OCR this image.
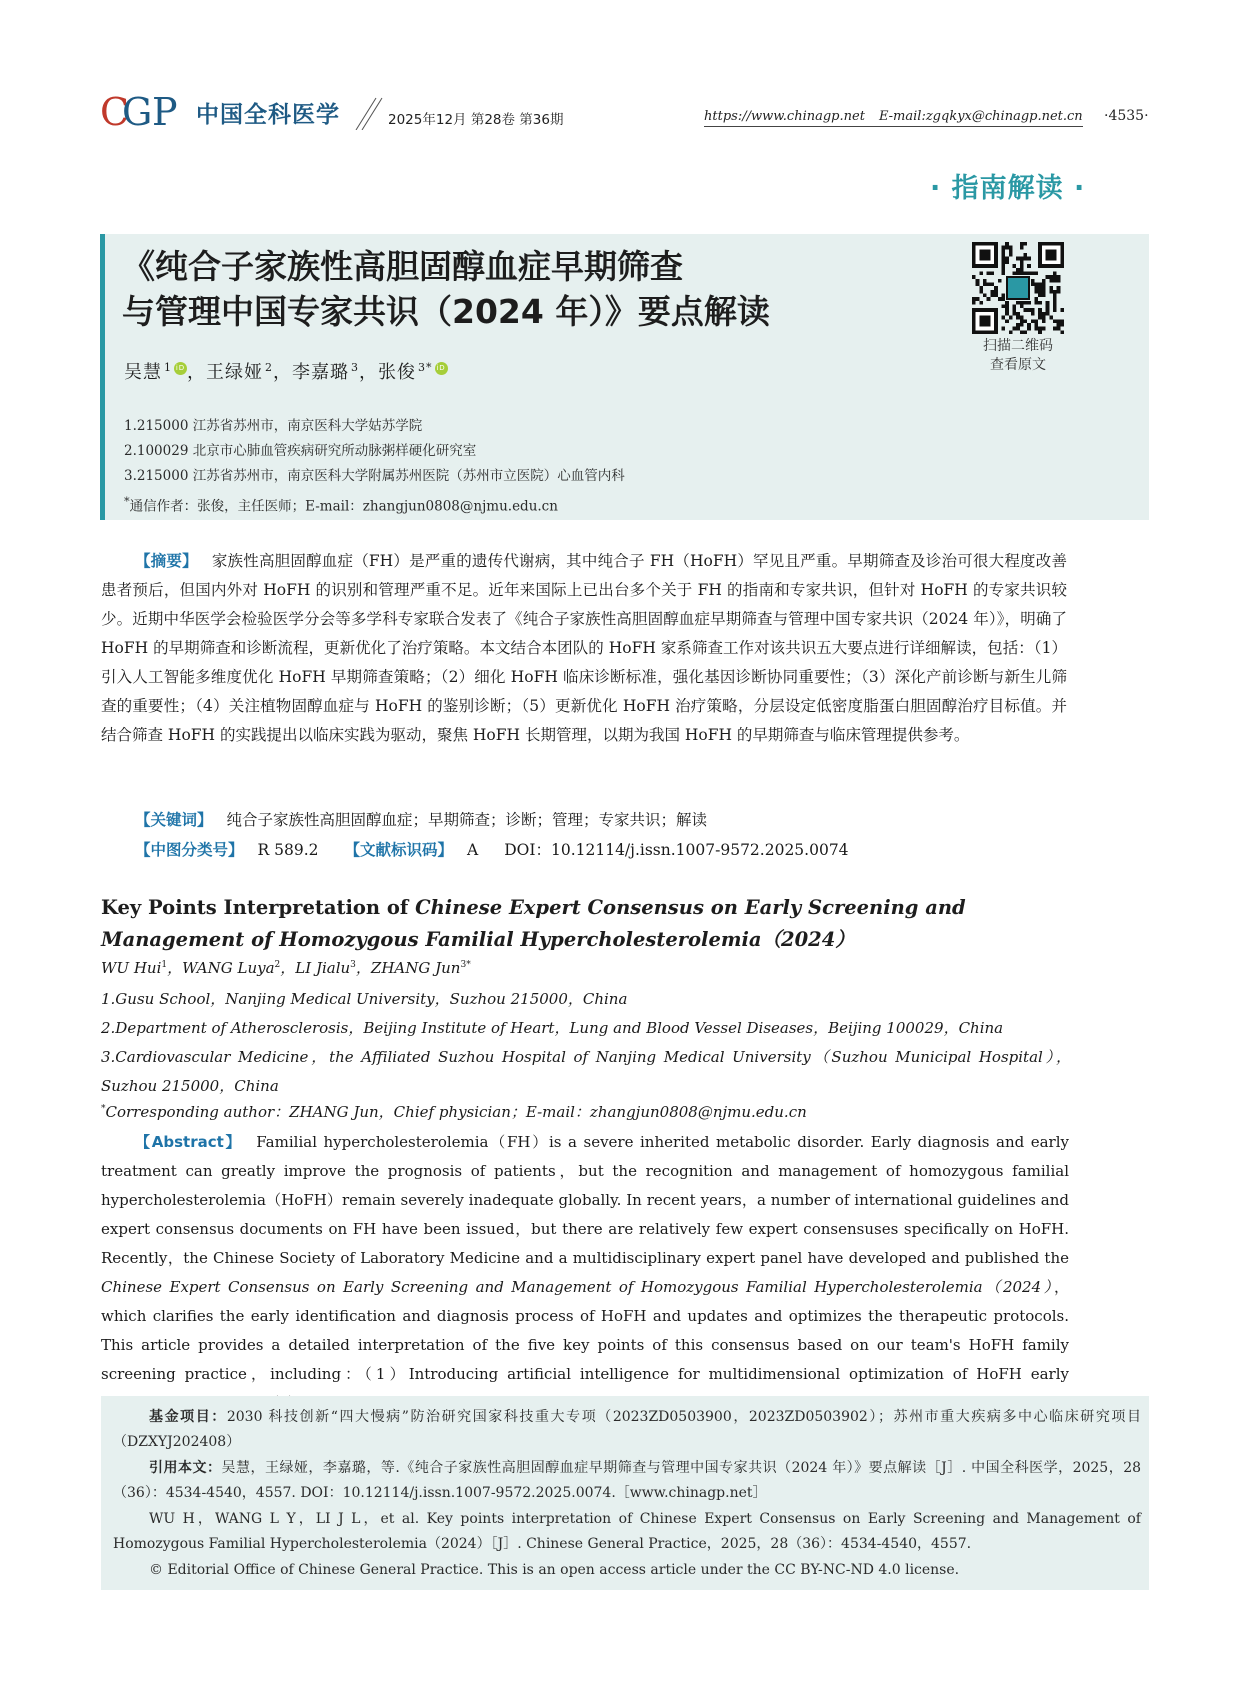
C
G P 中国全科医学	2025年12月 第28卷 第36期	https://www.chinagp.net E-mail:zgqkyx@chinagp.net.cn ·4535·
· 指南解读 ·
《纯合子家族性高胆固醇血症早期筛查
与管理中国专家共识（2024 年）》要点解读
吴慧 $^1$ iD ，王绿娅 $^2$，李嘉璐 $^3$，张俊 $^{3*}$ iD
扫描二维码
查看原文
1.215000 江苏省苏州市，南京医科大学姑苏学院
2.100029 北京市心肺血管疾病研究所动脉粥样硬化研究室
3.215000 江苏省苏州市，南京医科大学附属苏州医院（苏州市立医院）心血管内科
*通信作者：张俊，主任医师；E-mail：zhangjun0808@njmu.edu.cn
【摘要】 家族性高胆固醇血症（FH）是严重的遗传代谢病，其中纯合子 FH（HoFH）罕见且严重。早期筛查及诊治可很大程度改善患者预后，但国内外对 HoFH 的识别和管理严重不足。近年来国际上已出台多个关于 FH 的指南和专家共识，但针对 HoFH 的专家共识较少。近期中华医学会检验医学分会等多学科专家联合发表了《纯合子家族性高胆固醇血症早期筛查与管理中国专家共识（2024 年）》，明确了 HoFH 的早期筛查和诊断流程，更新优化了治疗策略。本文结合本团队的 HoFH 家系筛查工作对该共识五大要点进行详细解读，包括：（1）引入人工智能多维度优化 HoFH 早期筛查策略；（2）细化 HoFH 临床诊断标准，强化基因诊断协同重要性；（3）深化产前诊断与新生儿筛查的重要性；（4）关注植物固醇血症与 HoFH 的鉴别诊断；（5）更新优化 HoFH 治疗策略，分层设定低密度脂蛋白胆固醇治疗目标值。并结合筛查 HoFH 的实践提出以临床实践为驱动，聚焦 HoFH 长期管理，以期为我国 HoFH 的早期筛查与临床管理提供参考。
【关键词】 纯合子家族性高胆固醇血症；早期筛查；诊断；管理；专家共识；解读
【中图分类号】 R 589.2 【文献标识码】 A DOI：10.12114/j.issn.1007-9572.2025.0074
Key Points Interpretation of Chinese Expert Consensus on Early Screening and Management of Homozygous Familial Hypercholesterolemia（2024）
WU Hui$^1$，WANG Luya$^2$，LI Jialu$^3$，ZHANG Jun$^{3*}$
1.Gusu School，Nanjing Medical University，Suzhou 215000，China
2.Department of Atherosclerosis，Beijing Institute of Heart，Lung and Blood Vessel Diseases，Beijing 100029，China
3.Cardiovascular Medicine，the Affiliated Suzhou Hospital of Nanjing Medical University（Suzhou Municipal Hospital），Suzhou 215000，China
*Corresponding author：ZHANG Jun，Chief physician；E-mail：zhangjun0808@njmu.edu.cn
【Abstract】 Familial hypercholesterolemia（FH）is a severe inherited metabolic disorder. Early diagnosis and early treatment can greatly improve the prognosis of patients，but the recognition and management of homozygous familial hypercholesterolemia（HoFH）remain severely inadequate globally. In recent years，a number of international guidelines and expert consensus documents on FH have been issued，but there are relatively few expert consensuses specifically on HoFH. Recently，the Chinese Society of Laboratory Medicine and a multidisciplinary expert panel have developed and published the Chinese Expert Consensus on Early Screening and Management of Homozygous Familial Hypercholesterolemia（2024），which clarifies the early identification and diagnosis process of HoFH and updates and optimizes the therapeutic protocols. This article provides a detailed interpretation of the five key points of this consensus based on our team's HoFH family screening practice，including：（1）Introducing artificial intelligence for multidimensional optimization of HoFH early
基金项目：2030 科技创新“四大慢病”防治研究国家科技重大专项（2023ZD0503900，2023ZD0503902）；苏州市重大疾病多中心临床研究项目（DZXYJ202408）
引用本文：吴慧，王绿娅，李嘉璐，等.《纯合子家族性高胆固醇血症早期筛查与管理中国专家共识（2024 年）》要点解读［J］. 中国全科医学，2025，28（36）：4534-4540，4557. DOI：10.12114/j.issn.1007-9572.2025.0074.［www.chinagp.net］
WU H，WANG L Y，LI J L，et al. Key points interpretation of Chinese Expert Consensus on Early Screening and Management of Homozygous Familial Hypercholesterolemia（2024）［J］. Chinese General Practice，2025，28（36）：4534-4540，4557.
© Editorial Office of Chinese General Practice. This is an open access article under the CC BY-NC-ND 4.0 license.
